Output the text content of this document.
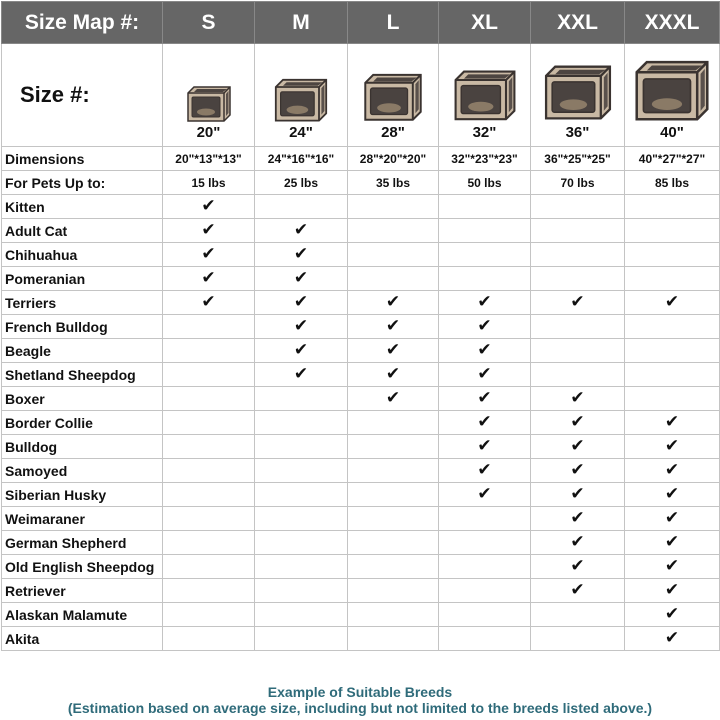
Size Map #:	S	M	L	XL	XXL	XXXL
Size #:	20"	24"	28"	32"	36"	40"

Dimensions	20"*13"*13"	24"*16"*16"	28"*20"*20"	32"*23"*23"	36"*25"*25"	40"*27"*27"
For Pets Up to:	15 lbs	25 lbs	35 lbs	50 lbs	70 lbs	85 lbs
Kitten	✔					
Adult Cat	✔	✔				
Chihuahua	✔	✔				
Pomeranian	✔	✔				
Terriers	✔	✔	✔	✔	✔	✔
French Bulldog		✔	✔	✔		
Beagle		✔	✔	✔		
Shetland Sheepdog		✔	✔	✔		
Boxer			✔	✔	✔	
Border Collie				✔	✔	✔
Bulldog				✔	✔	✔
Samoyed				✔	✔	✔
Siberian Husky				✔	✔	✔
Weimaraner					✔	✔
German Shepherd					✔	✔
Old English Sheepdog					✔	✔
Retriever					✔	✔
Alaskan Malamute						✔
Akita						✔
Example of Suitable Breeds
(Estimation based on average size, including but not limited to the breeds listed above.)
